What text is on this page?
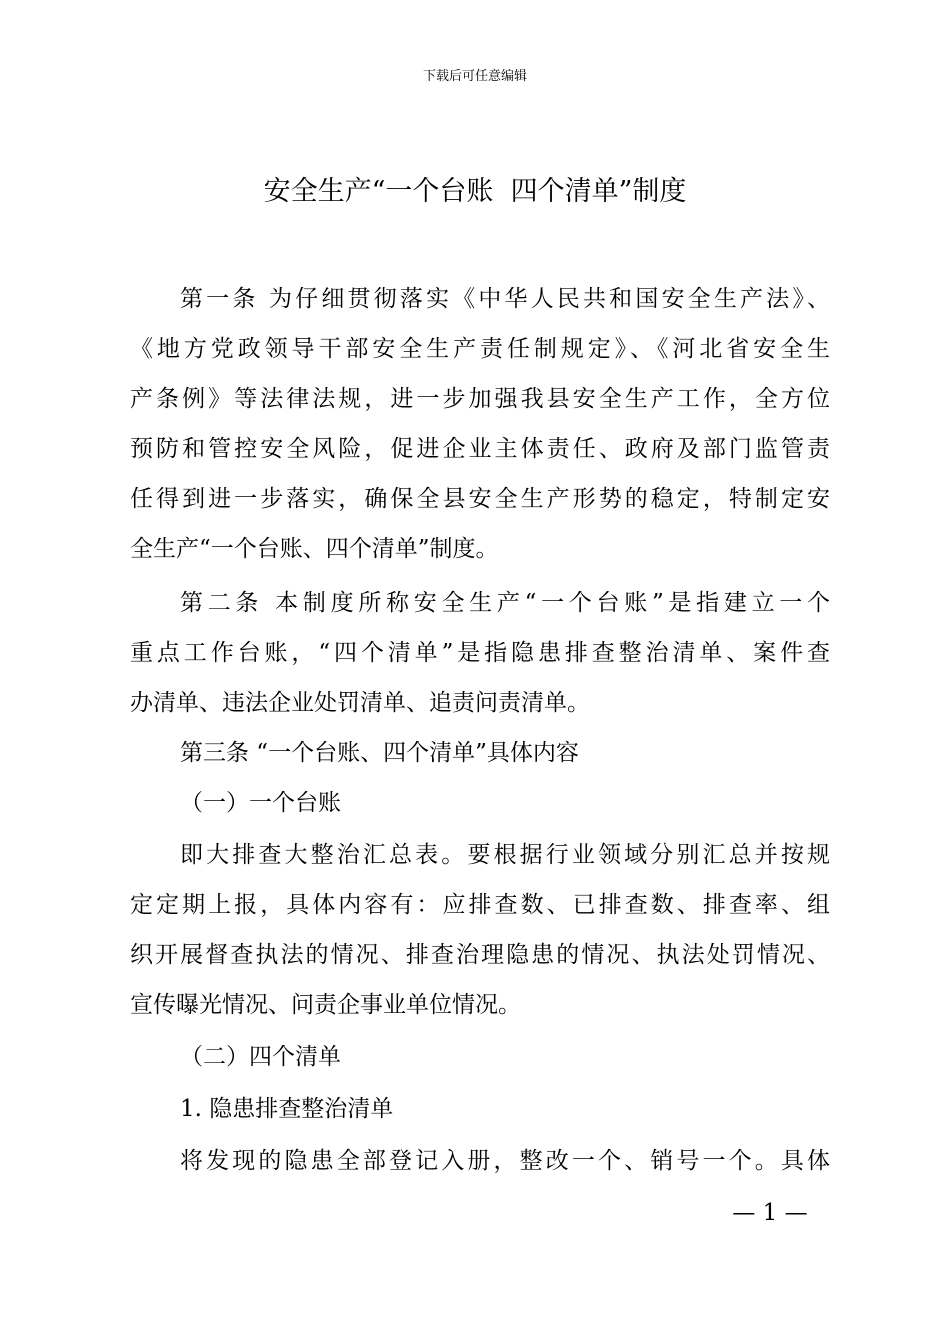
下载后可任意编辑
安全生产“一个台账  四个清单”制度
第一条 为仔细贯彻落实《中华人民共和国安全生产法》、
《地方党政领导干部安全生产责任制规定》、《河北省安全生
产条例》等法律法规，进一步加强我县安全生产工作，全方位
预防和管控安全风险，促进企业主体责任、政府及部门监管责
任得到进一步落实，确保全县安全生产形势的稳定，特制定安
全生产“一个台账、四个清单”制度。
第二条 本制度所称安全生产“一个台账”是指建立一个
重点工作台账，“四个清单”是指隐患排查整治清单、案件查
办清单、违法企业处罚清单、追责问责清单。
第三条 “一个台账、四个清单”具体内容
（一）一个台账
即大排查大整治汇总表。要根据行业领域分别汇总并按规
定定期上报，具体内容有：应排查数、已排查数、排查率、组
织开展督查执法的情况、排查治理隐患的情况、执法处罚情况、
宣传曝光情况、问责企事业单位情况。
（二）四个清单
1. 隐患排查整治清单
将发现的隐患全部登记入册，整改一个、销号一个。具体
— 1 —
